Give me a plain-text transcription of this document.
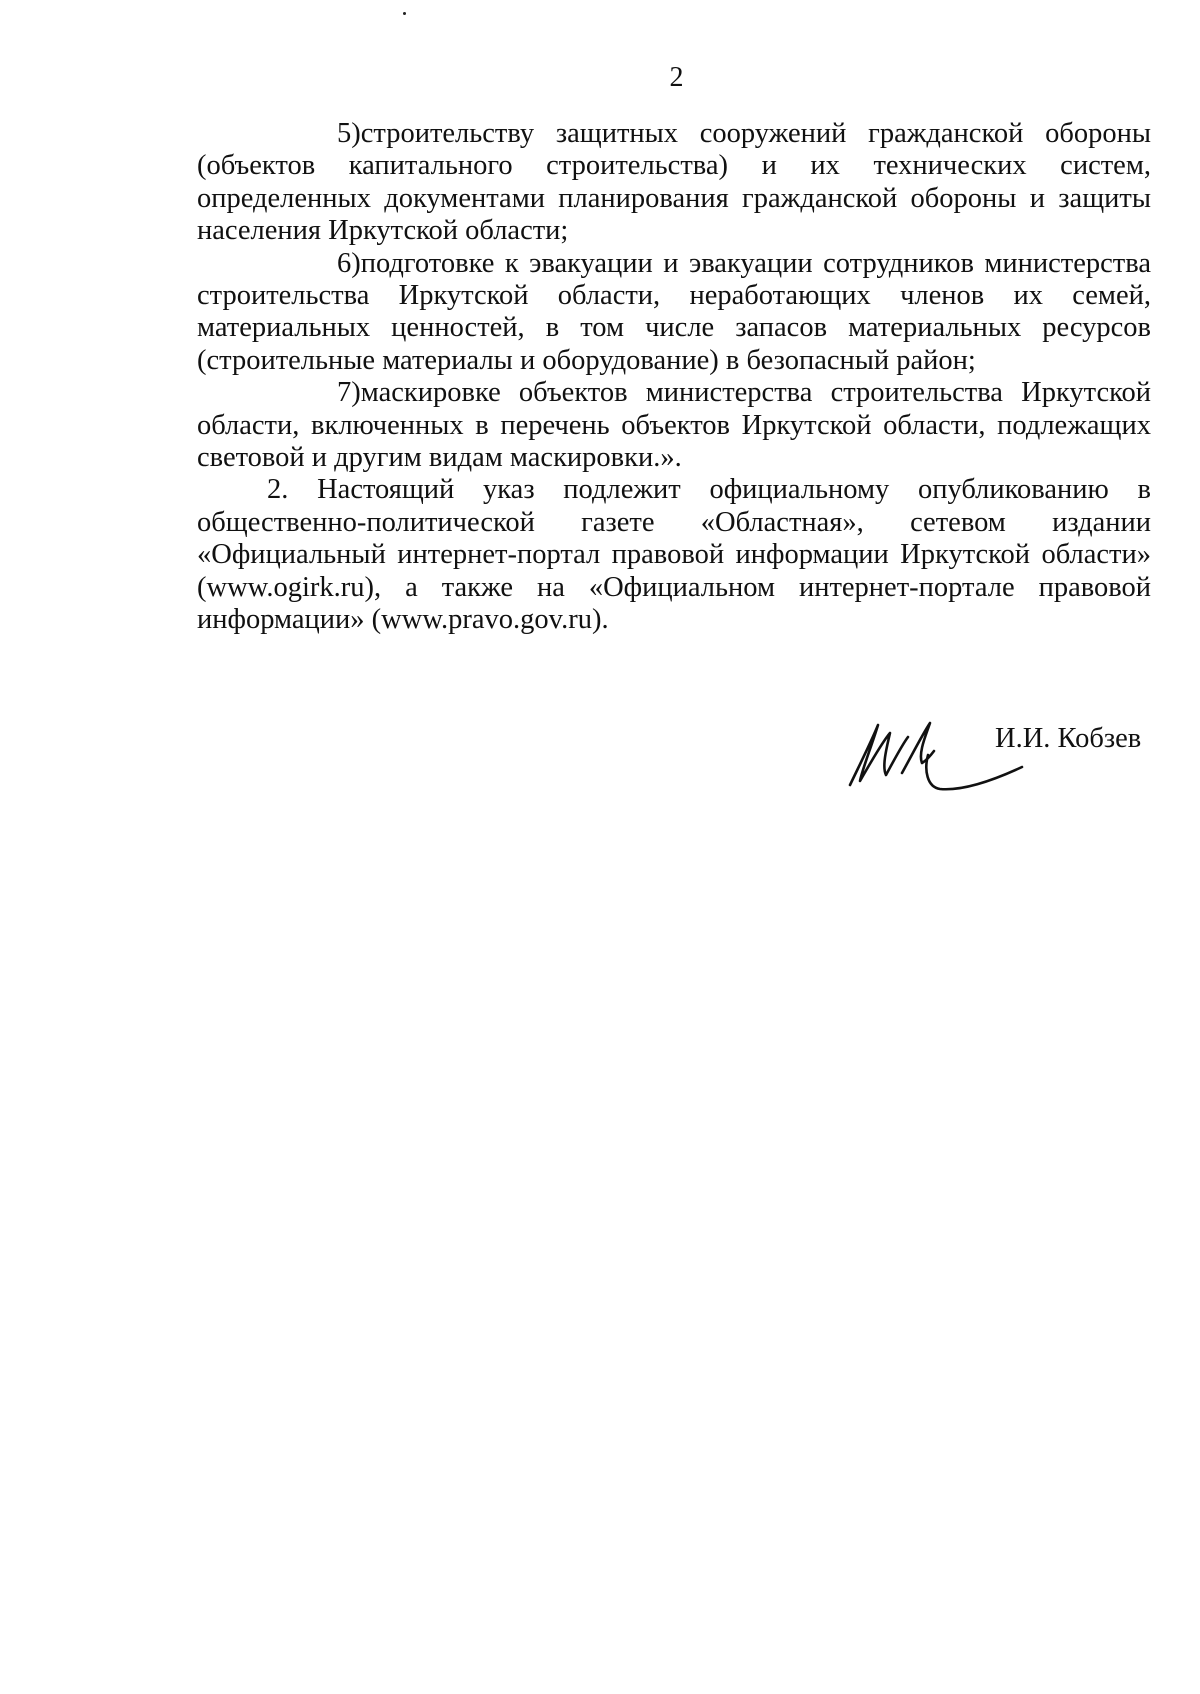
2

5)строительству защитных сооружений гражданской обороны (объектов капитального строительства) и их технических систем, определенных документами планирования гражданской обороны и защиты населения Иркутской области;

6)подготовке к эвакуации и эвакуации сотрудников министерства строительства Иркутской области, неработающих членов их семей, материальных ценностей, в том числе запасов материальных ресурсов (строительные материалы и оборудование) в безопасный район;

7)маскировке объектов министерства строительства Иркутской области, включенных в перечень объектов Иркутской области, подлежащих световой и другим видам маскировки.».

2. Настоящий указ подлежит официальному опубликованию в общественно-политической газете «Областная», сетевом издании «Официальный интернет-портал правовой информации Иркутской области» (www.ogirk.ru), а также на «Официальном интернет-портале правовой информации» (www.pravo.gov.ru).

И.И. Кобзев
